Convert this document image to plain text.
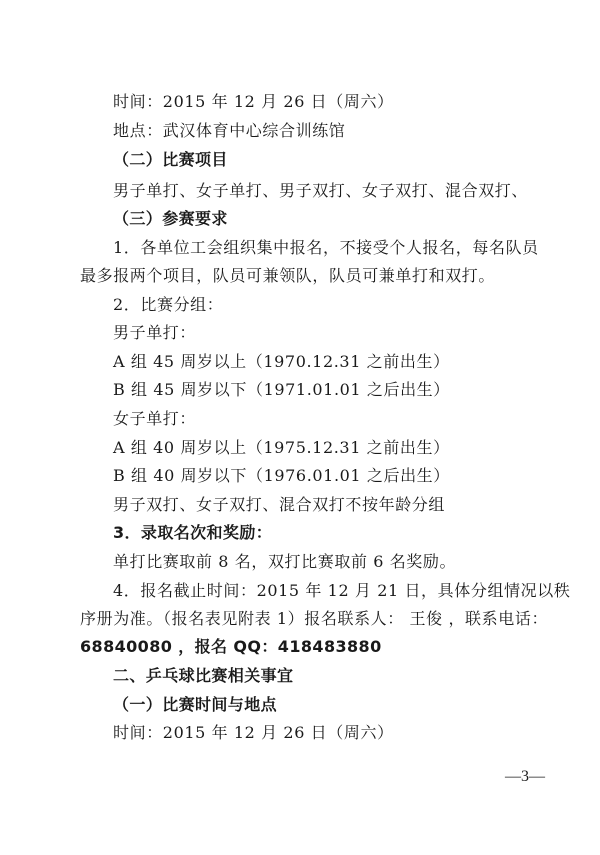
时间：2015 年 12 月 26 日（周六）
地点：武汉体育中心综合训练馆
（二）比赛项目
男子单打、女子单打、男子双打、女子双打、混合双打、
（三）参赛要求
1．各单位工会组织集中报名，不接受个人报名，每名队员
最多报两个项目，队员可兼领队，队员可兼单打和双打。
2．比赛分组：
男子单打：
A 组 45 周岁以上（1970.12.31 之前出生）
B 组 45 周岁以下（1971.01.01 之后出生）
女子单打：
A 组 40 周岁以上（1975.12.31 之前出生）
B 组 40 周岁以下（1976.01.01 之后出生）
男子双打、女子双打、混合双打不按年龄分组
3．录取名次和奖励：
单打比赛取前 8 名，双打比赛取前 6 名奖励。
4．报名截止时间：2015 年 12 月 21 日，具体分组情况以秩
序册为准。（报名表见附表 1）报名联系人： 王俊 ，联系电话：
68840080 ，报名 QQ：418483880
二、乒乓球比赛相关事宜
（一）比赛时间与地点
时间：2015 年 12 月 26 日（周六）
—3—
